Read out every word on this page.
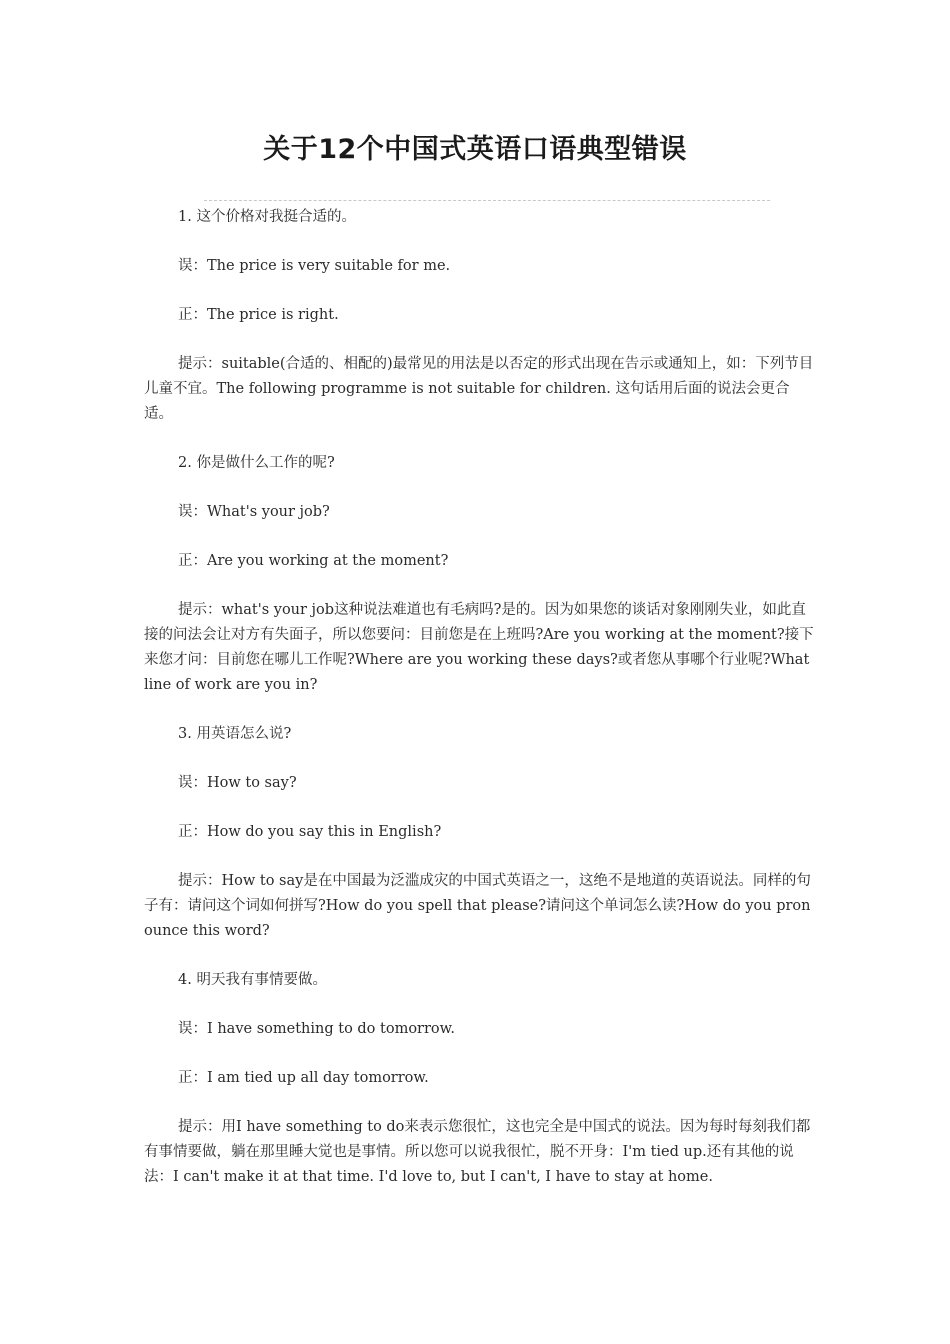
关于12个中国式英语口语典型错误

1. 这个价格对我挺合适的。

误：The price is very suitable for me.

正：The price is right.

提示：suitable(合适的、相配的)最常见的用法是以否定的形式出现在告示或通知上，如：下列节目儿童不宜。The following programme is not suitable for children. 这句话用后面的说法会更合适。

2. 你是做什么工作的呢?

误：What's your job?

正：Are you working at the moment?

提示：what's your job这种说法难道也有毛病吗?是的。因为如果您的谈话对象刚刚失业，如此直接的问法会让对方有失面子，所以您要问：目前您是在上班吗?Are you working at the moment?接下来您才问：目前您在哪儿工作呢?Where are you working these days?或者您从事哪个行业呢?What line of work are you in?

3. 用英语怎么说?

误：How to say?

正：How do you say this in English?

提示：How to say是在中国最为泛滥成灾的中国式英语之一，这绝不是地道的英语说法。同样的句子有：请问这个词如何拼写?How do you spell that please?请问这个单词怎么读?How do you pronounce this word?

4. 明天我有事情要做。

误：I have something to do tomorrow.

正：I am tied up all day tomorrow.

提示：用I have something to do来表示您很忙，这也完全是中国式的说法。因为每时每刻我们都有事情要做，躺在那里睡大觉也是事情。所以您可以说我很忙，脱不开身：I'm tied up.还有其他的说法：I can't make it at that time. I'd love to, but I can't, I have to stay at home.
